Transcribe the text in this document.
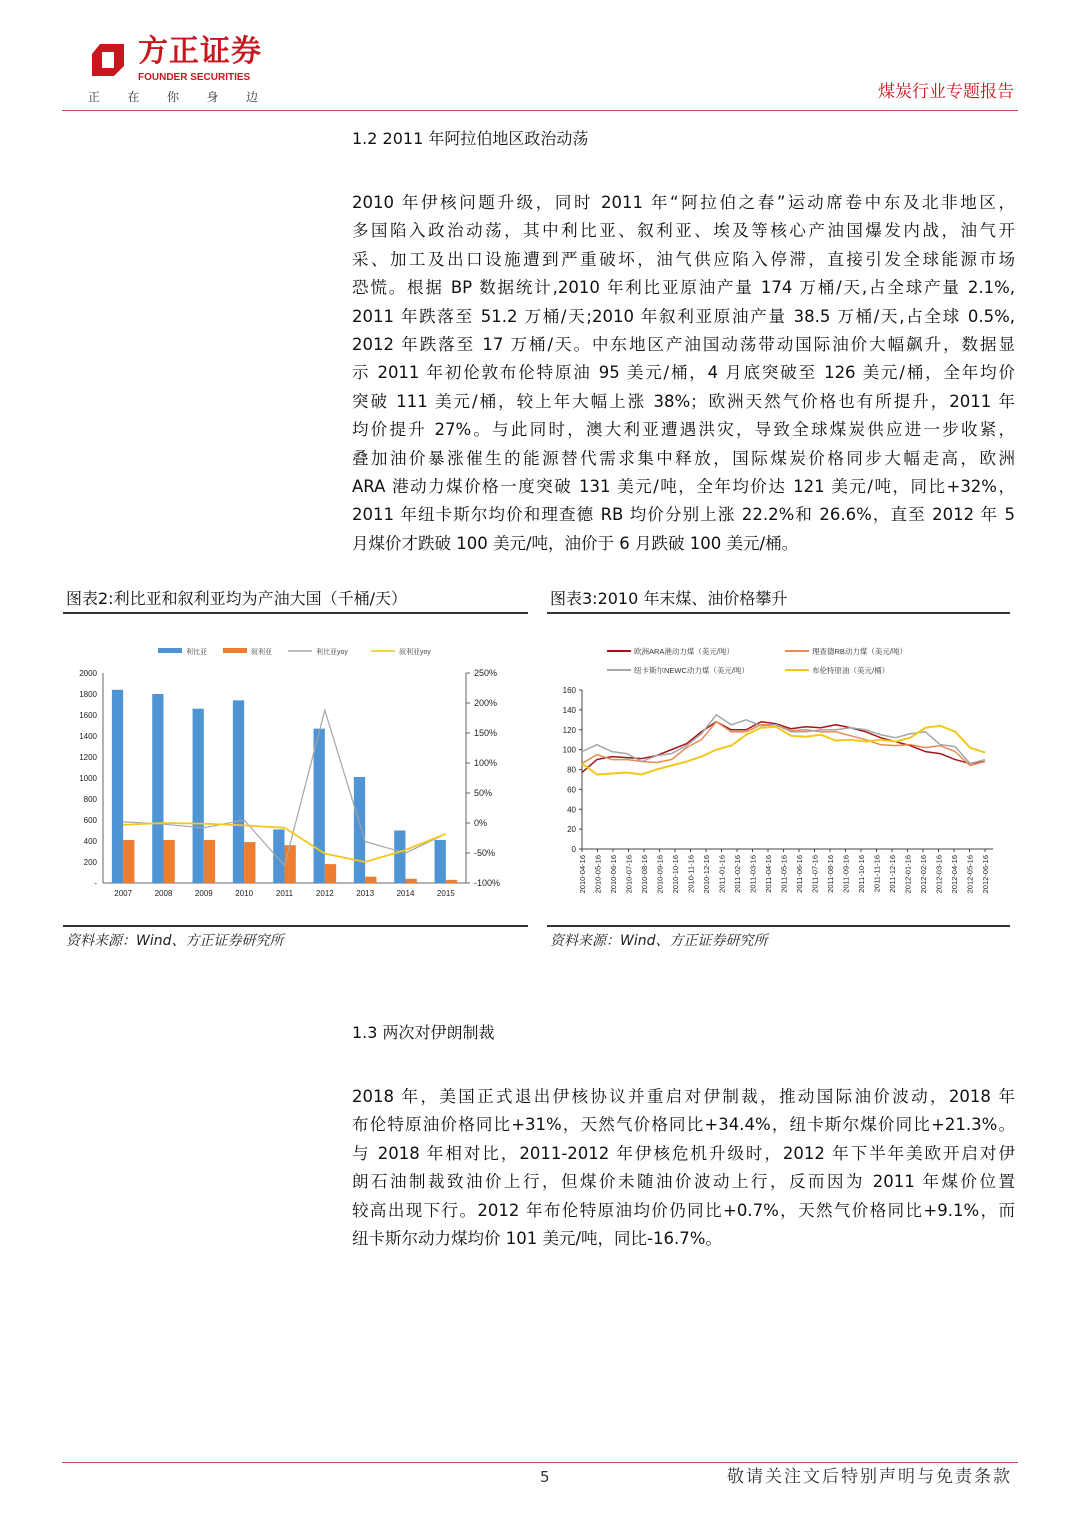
方正证券
FOUNDER SECURITIES
正 在 你 身 边	煤炭行业专题报告
1.2 2011 年阿拉伯地区政治动荡
2010 年伊核问题升级，同时 2011 年“阿拉伯之春”运动席卷中东及北非地区，
多国陷入政治动荡，其中利比亚、叙利亚、埃及等核心产油国爆发内战，油气开
采、加工及出口设施遭到严重破坏，油气供应陷入停滞，直接引发全球能源市场
恐慌。根据 BP 数据统计,2010 年利比亚原油产量 174 万桶/天,占全球产量 2.1%,
2011 年跌落至 51.2 万桶/天;2010 年叙利亚原油产量 38.5 万桶/天,占全球 0.5%,
2012 年跌落至 17 万桶/天。中东地区产油国动荡带动国际油价大幅飙升，数据显
示 2011 年初伦敦布伦特原油 95 美元/桶，4 月底突破至 126 美元/桶，全年均价
突破 111 美元/桶，较上年大幅上涨 38%；欧洲天然气价格也有所提升，2011 年
均价提升 27%。与此同时，澳大利亚遭遇洪灾，导致全球煤炭供应进一步收紧，
叠加油价暴涨催生的能源替代需求集中释放，国际煤炭价格同步大幅走高，欧洲
ARA 港动力煤价格一度突破 131 美元/吨，全年均价达 121 美元/吨，同比+32%，
2011 年纽卡斯尔均价和理查德 RB 均价分别上涨 22.2%和 26.6%，直至 2012 年 5
月煤价才跌破 100 美元/吨，油价于 6 月跌破 100 美元/桶。
图表2:利比亚和叙利亚均为产油大国（千桶/天）
-
200
400
600
800
1000
1200
1400
1600
1800
2000
-100%
-50%
0%
50%
100%
150%
200%
250%
2007	2008	2009	2010	2011	2012	2013	2014	2015
利比亚	叙利亚	利比亚yoy	叙利亚yoy
资料来源：Wind、方正证券研究所
图表3:2010 年末煤、油价格攀升
0
20
40
60
80
100
120
140
160
2010-04-16 2010-05-16 2010-06-16 2010-07-16 2010-08-16 2010-09-16 2010-10-16 2010-11-16 2010-12-16 2011-01-16 2011-02-16 2011-03-16 2011-04-16 2011-05-16 2011-06-16 2011-07-16 2011-08-16 2011-09-16 2011-10-16 2011-11-16 2011-12-16 2012-01-16 2012-02-16 2012-03-16 2012-04-16 2012-05-16 2012-06-16
欧洲ARA港动力煤（美元/吨）	理查德RB动力煤（美元/吨）
纽卡斯尔NEWC动力煤（美元/吨）	布伦特原油（美元/桶）
资料来源：Wind、方正证券研究所
1.3 两次对伊朗制裁
2018 年，美国正式退出伊核协议并重启对伊制裁，推动国际油价波动，2018 年
布伦特原油价格同比+31%，天然气价格同比+34.4%，纽卡斯尔煤价同比+21.3%。
与 2018 年相对比，2011-2012 年伊核危机升级时，2012 年下半年美欧开启对伊
朗石油制裁致油价上行，但煤价未随油价波动上行，反而因为 2011 年煤价位置
较高出现下行。2012 年布伦特原油均价仍同比+0.7%，天然气价格同比+9.1%，而
纽卡斯尔动力煤均价 101 美元/吨，同比-16.7%。
5	敬请关注文后特别声明与免责条款
